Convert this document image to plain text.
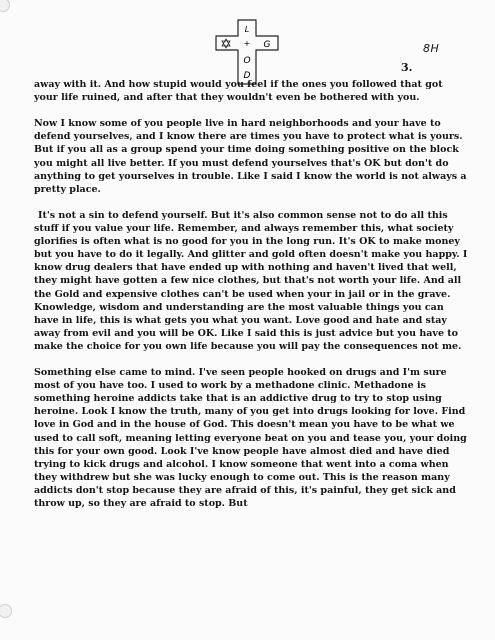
L
+ G
O
D
8H
3.

away with it. And how stupid would you feel if the ones you followed that got your life ruined, and after that they wouldn't even be bothered with you.

Now I know some of you people live in hard neighborhoods and your have to defend yourselves, and I know there are times you have to protect what is yours. But if you all as a group spend your time doing something positive on the block you might all live better. If you must defend yourselves that's OK but don't do anything to get yourselves in trouble. Like I said I know the world is not always a pretty place.

It's not a sin to defend yourself. But it's also common sense not to do all this stuff if you value your life. Remember, and always remember this, what society glorifies is often what is no good for you in the long run. It's OK to make money but you have to do it legally. And glitter and gold often doesn't make you happy. I know drug dealers that have ended up with nothing and haven't lived that well, they might have gotten a few nice clothes, but that's not worth your life. And all the Gold and expensive clothes can't be used when your in jail or in the grave. Knowledge, wisdom and understanding are the most valuable things you can have in life, this is what gets you what you want. Love good and hate and stay away from evil and you will be OK. Like I said this is just advice but you have to make the choice for you own life because you will pay the consequences not me.

Something else came to mind. I've seen people hooked on drugs and I'm sure most of you have too. I used to work by a methadone clinic. Methadone is something heroine addicts take that is an addictive drug to try to stop using heroine. Look I know the truth, many of you get into drugs looking for love. Find love in God and in the house of God. This doesn't mean you have to be what we used to call soft, meaning letting everyone beat on you and tease you, your doing this for your own good. Look I've know people have almost died and have died trying to kick drugs and alcohol. I know someone that went into a coma when they withdrew but she was lucky enough to come out. This is the reason many addicts don't stop because they are afraid of this, it's painful, they get sick and throw up, so they are afraid to stop. But
